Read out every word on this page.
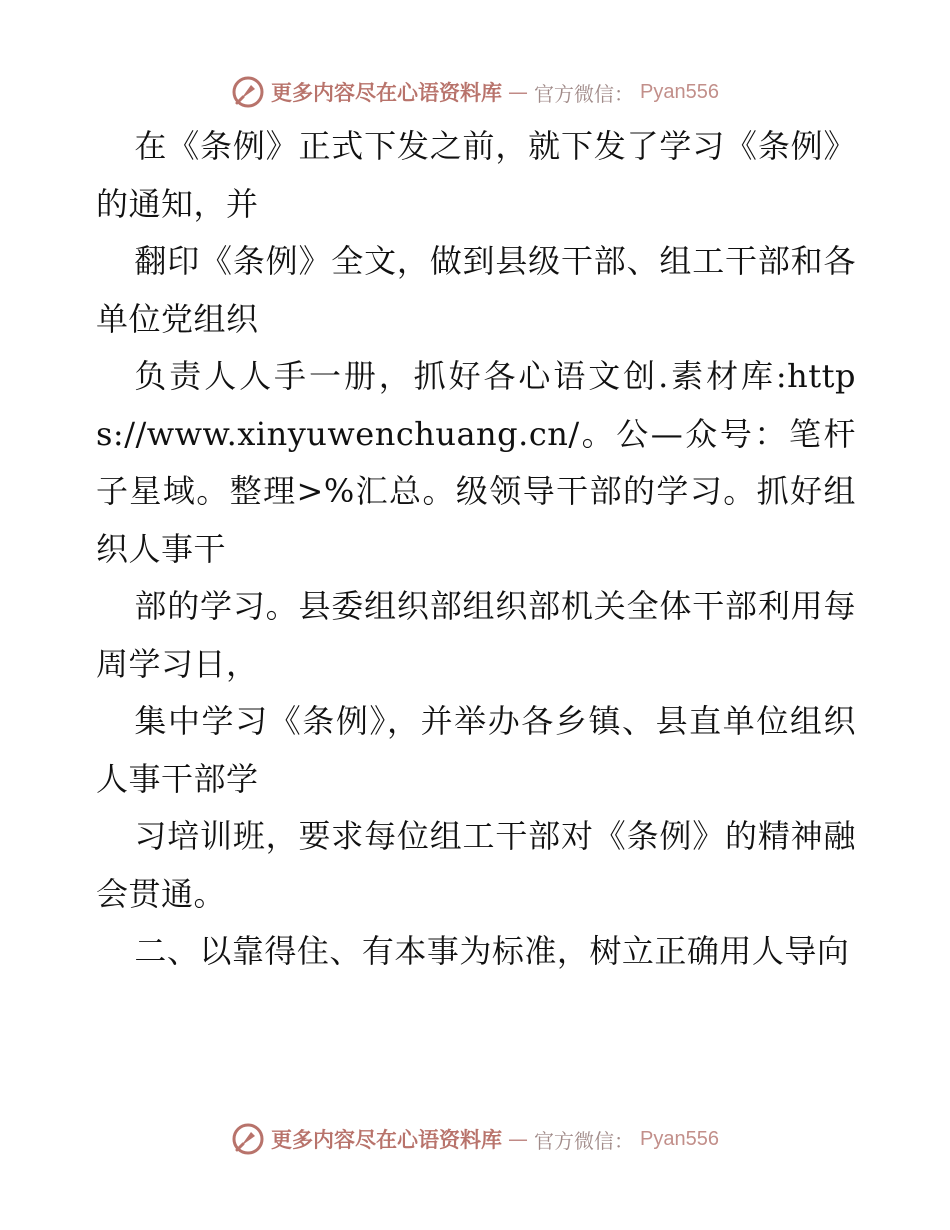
更多内容尽在心语资料库 — 官方微信： Pyan556

在《条例》正式下发之前，就下发了学习《条例》的通知，并

翻印《条例》全文，做到县级干部、组工干部和各单位党组织

负责人人手一册，抓好各心语文创.素材库:https://www.xinyuwenchuang.cn/。公—众号：笔杆子星域。整理>%汇总。级领导干部的学习。抓好组织人事干

部的学习。县委组织部组织部机关全体干部利用每周学习日，

集中学习《条例》，并举办各乡镇、县直单位组织人事干部学

习培训班，要求每位组工干部对《条例》的精神融会贯通。

二、以靠得住、有本事为标准，树立正确用人导向

更多内容尽在心语资料库 — 官方微信： Pyan556
